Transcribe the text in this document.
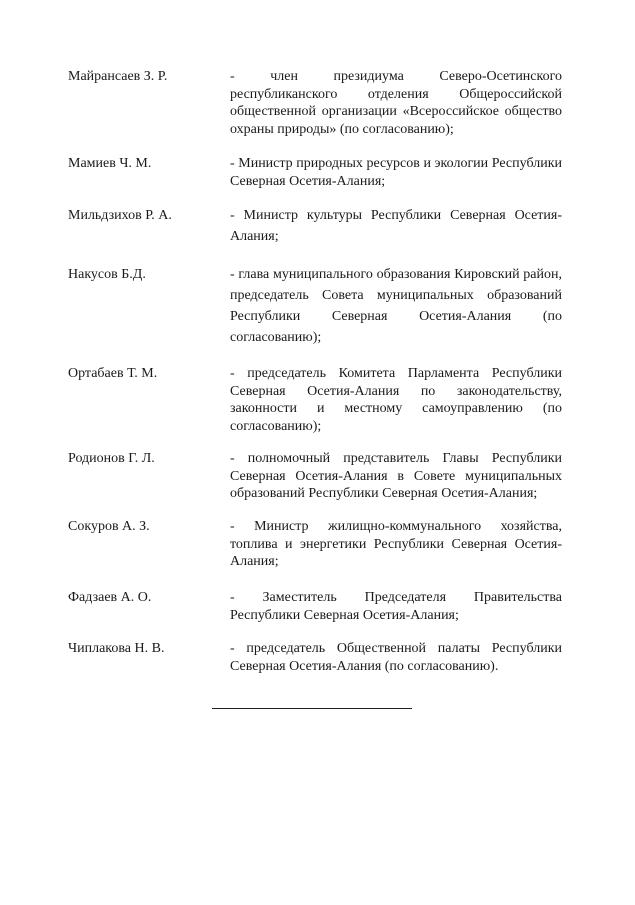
Майрансаев З. Р.	- член президиума Северо-Осетинского республиканского отделения Общероссийской общественной организации «Всероссийское общество охраны природы» (по согласованию);
Мамиев Ч. М.	- Министр природных ресурсов и экологии Республики Северная Осетия-Алания;
Мильдзихов Р. А.	- Министр культуры Республики Северная Осетия-Алания;
Накусов Б.Д.	- глава муниципального образования Кировский район, председатель Совета муниципальных образований Республики Северная Осетия-Алания (по согласованию);
Ортабаев Т. М.	- председатель Комитета Парламента Республики Северная Осетия-Алания по законодательству, законности и местному самоуправлению (по согласованию);
Родионов Г. Л.	- полномочный представитель Главы Республики Северная Осетия-Алания в Совете муниципальных образований Республики Северная Осетия-Алания;
Сокуров А. З.	- Министр жилищно-коммунального хозяйства, топлива и энергетики Республики Северная Осетия-Алания;
Фадзаев А. О.	- Заместитель Председателя Правительства Республики Северная Осетия-Алания;
Чиплакова Н. В.	- председатель Общественной палаты Республики Северная Осетия-Алания (по согласованию).
